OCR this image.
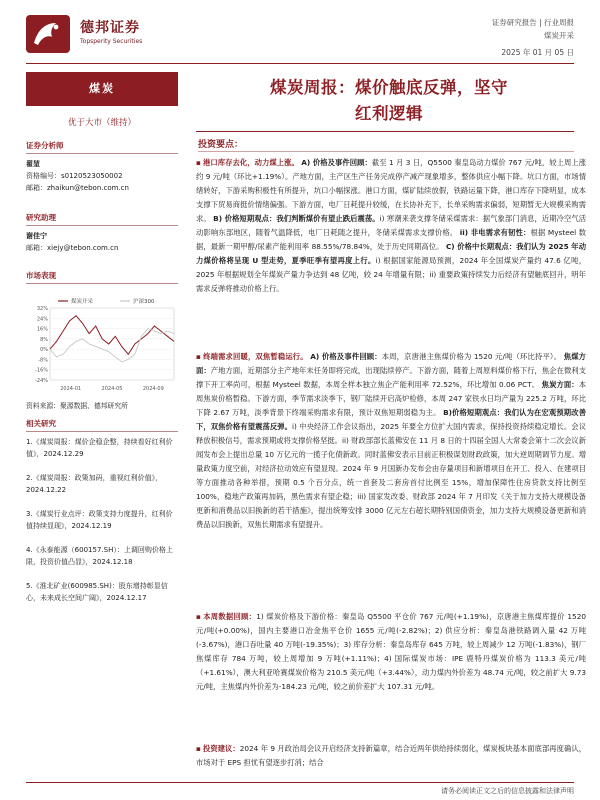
德邦证券
Topsperity Securities
证券研究报告 | 行业周报
煤炭开采
2025 年 01 月 05 日
煤炭
优于大市（维持）
证券分析师
翟堃
资格编号：s0120523050002
邮箱：zhaikun@tebon.com.cn
研究助理
谢佳宁
邮箱：xiejy@tebon.com.cn
市场表现
-24%
-16%
-8%
0%
8%
16%
24%
32%
2024-01	2024-05	2024-09
煤炭开采	沪深300
资料来源：聚源数据、德邦研究所
相关研究
1.《煤炭周报：煤价企稳企整，持续看好红利价值》，2024.12.29
2.《煤炭周报：政策加码，重视红利价值》，2024.12.22
3.《煤炭行业点评：政策支持力度提升，红利价值持续显现》，2024.12.19
4.《永泰能源（600157.SH）：上调回购价格上限，投资价值凸显》，2024.12.18
5.《淮北矿业(600985.SH)：股东增持彰显信心，未来成长空间广阔》，2024.12.17
煤炭周报：煤价触底反弹，坚守
红利逻辑
投资要点：
▪ 港口库存去化，动力煤上涨。 A) 价格及事件回顾：截至 1 月 3 日，Q5500 秦皇岛动力煤价 767 元/吨，较上周上涨约 9 元/吨（环比+1.19%）。产地方面，主产区生产任务完成停产减产现象增多，整体供应小幅下降。坑口方面，市场情绪转好，下游采购积极性有所提升，坑口小幅探涨。港口方面，煤矿陆续放假，铁路运量下降，港口库存下降明显，成本支撑下贸易商挺价情绪偏强。下游方面，电厂日耗提升较缓，在长协补充下，长单采购需求偏弱，短期暂无大规模采购需求。 B) 价格短期观点：我们判断煤价有望止跌后震荡。i) 寒潮来袭支撑冬储采煤需求：据气象部门消息，近期冷空气活动影响东部地区，随着气温降低，电厂日耗随之提升，冬储采煤需求支撑价格。 ii) 非电需求有韧性：根据 Mysteel 数据，最新一期甲醇/尿素产能利用率 88.55%/78.84%，处于历史同期高位。 C) 价格中长期观点：我们认为 2025 年动力煤价格将呈现 U 型走势，夏季旺季有望再度上行。i) 根据国家能源局预测，2024 年全国煤炭产量约 47.6 亿吨，2025 年根据规划全年煤炭产量力争达到 48 亿吨，较 24 年增量有限；ii) 重要政策持续发力后经济有望触底回升，明年需求反弹将推动价格上行。
▪ 终端需求回暖，双焦暂稳运行。 A) 价格及事件回顾：本周，京唐港主焦煤价格为 1520 元/吨（环比持平）。 焦煤方面：产地方面，近期部分主产地年末任务即将完成，出现陆续停产。下游方面，随着上周原料煤价格下行，焦企在微利支撑下开工率尚可，根据 Mysteel 数据，本周全样本独立焦企产能利用率 72.52%，环比增加 0.06 PCT。 焦炭方面：本周焦炭价格暂稳。下游方面，季节需求淡季下，钢厂陆续开启高炉检修，本周 247 家铁水日均产量为 225.2 万吨，环比下降 2.67 万吨，淡季背景下终端采购需求有限，预计双焦短期弱稳为主。 B)价格短期观点：我们认为在宏观预期改善下，双焦价格有望震荡反弹。i) 中央经济工作会议指出，2025 年要全方位扩大国内需求，保持投资持续稳定增长。会议释放积极信号，需求预期或将支撑价格坚挺。ii) 财政部部长蓝佛安在 11 月 8 日的十四届全国人大常委会第十二次会议新闻发布会上提出总量 10 万亿元的一揽子化债新政。同时蓝佛安表示目前正积极谋划财政政策，加大逆周期调节力度。增量政策力度空前，对经济拉动效应有望显现。2024 年 9 月国新办发布会由存量项目和新增项目在开工、投入、在建项目等方面推动各种举措，预期 0.5 个百分点，统一首套及二套房首付比例至 15%，增加保障性住房贷款支持比例至 100%，稳地产政策再加码，黑色需求有望企稳；iii) 国家发改委、财政部 2024 年 7 月印发《关于加力支持大规模设备更新和消费品以旧换新的若干措施》，提出统筹安排 3000 亿元左右超长期特别国债资金，加力支持大规模设备更新和消费品以旧换新，双焦长期需求有望提升。
▪ 本周数据回顾：1) 煤炭价格及下游价格：秦皇岛 Q5500 平仓价 767 元/吨(+1.19%)，京唐港主焦煤库提价 1520 元/吨(+0.00%)，国内主要港口冶金焦平仓价 1655 元/吨(-2.82%)；2) 供应分析：秦皇岛港铁路调入量 42 万吨(-3.67%)，港口吞吐量 40 万吨(-19.35%)；3) 库存分析：秦皇岛库存 645 万吨，较上周减少 12 万吨(-1.83%)，钢厂焦煤库存 784 万吨，较上周增加 9 万吨(+1.11%)；4) 国际煤炭市场：IPE 鹿特丹煤炭价格为 113.3 美元/吨（+1.61%），澳大利亚哈赛煤炭价格为 210.5 美元/吨（+3.44%），动力煤内外价差为 48.74 元/吨，较之前扩大 9.73 元/吨，主焦煤内外价差为-184.23 元/吨，较之前价差扩大 107.31 元/吨。
▪ 投资建议：2024 年 9 月政治局会议开启经济支持新篇章，结合近两年供给持续弱化，煤炭板块基本面底部再度确认，市场对于 EPS 担忧有望逐步打消；结合
请务必阅读正文之后的信息披露和法律声明
